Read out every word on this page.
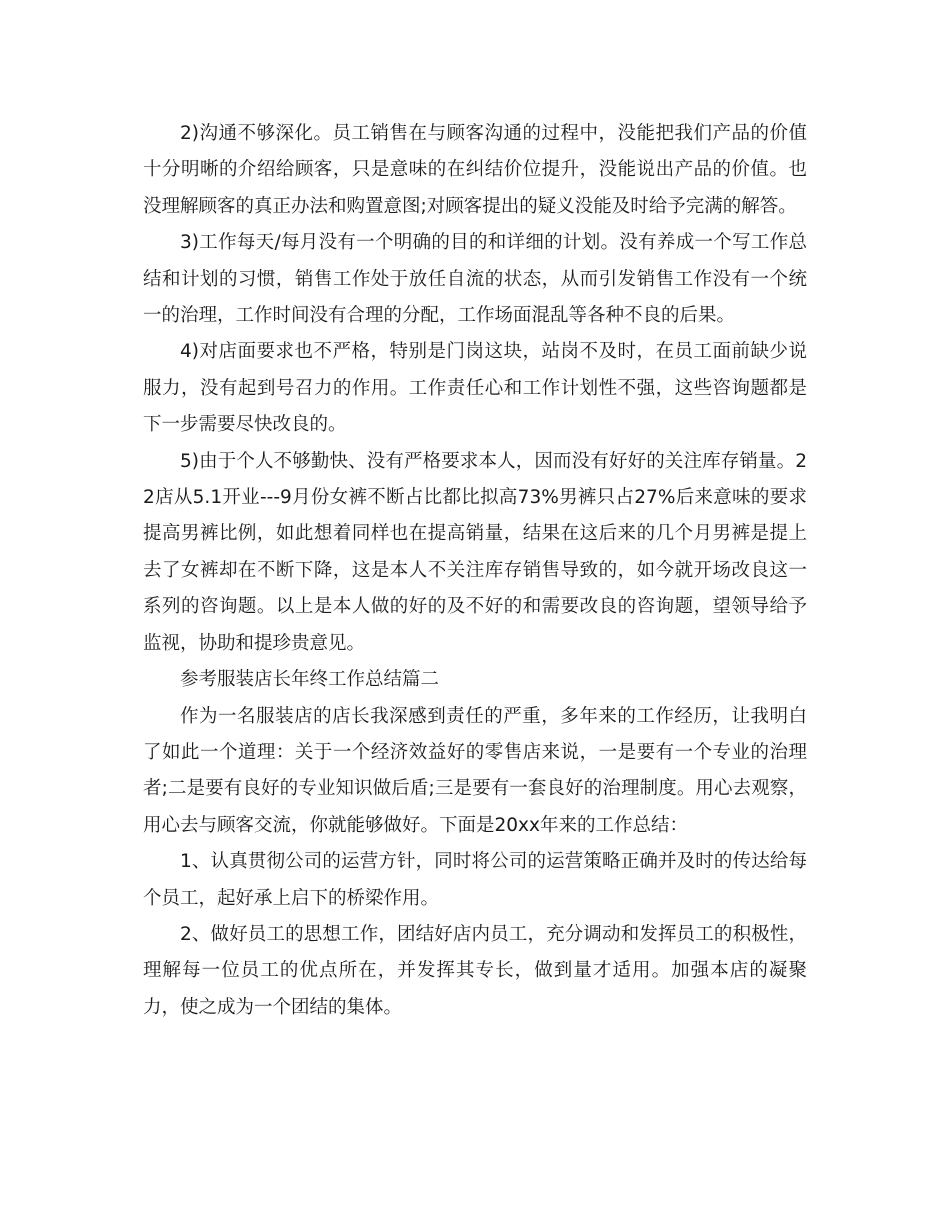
2)沟通不够深化。员工销售在与顾客沟通的过程中，没能把我们产品的价值十分明晰的介绍给顾客，只是意味的在纠结价位提升，没能说出产品的价值。也没理解顾客的真正办法和购置意图;对顾客提出的疑义没能及时给予完满的解答。

3)工作每天/每月没有一个明确的目的和详细的计划。没有养成一个写工作总结和计划的习惯，销售工作处于放任自流的状态，从而引发销售工作没有一个统一的治理，工作时间没有合理的分配，工作场面混乱等各种不良的后果。

4)对店面要求也不严格，特别是门岗这块，站岗不及时，在员工面前缺少说服力，没有起到号召力的作用。工作责任心和工作计划性不强，这些咨询题都是下一步需要尽快改良的。

5)由于个人不够勤快、没有严格要求本人，因而没有好好的关注库存销量。22店从5.1开业---9月份女裤不断占比都比拟高73%男裤只占27%后来意味的要求提高男裤比例，如此想着同样也在提高销量，结果在这后来的几个月男裤是提上去了女裤却在不断下降，这是本人不关注库存销售导致的，如今就开场改良这一系列的咨询题。以上是本人做的好的及不好的和需要改良的咨询题，望领导给予监视，协助和提珍贵意见。

参考服装店长年终工作总结篇二

作为一名服装店的店长我深感到责任的严重，多年来的工作经历，让我明白了如此一个道理：关于一个经济效益好的零售店来说，一是要有一个专业的治理者;二是要有良好的专业知识做后盾;三是要有一套良好的治理制度。用心去观察，用心去与顾客交流，你就能够做好。下面是20xx年来的工作总结：

1、认真贯彻公司的运营方针，同时将公司的运营策略正确并及时的传达给每个员工，起好承上启下的桥梁作用。

2、做好员工的思想工作，团结好店内员工，充分调动和发挥员工的积极性，理解每一位员工的优点所在，并发挥其专长，做到量才适用。加强本店的凝聚力，使之成为一个团结的集体。
